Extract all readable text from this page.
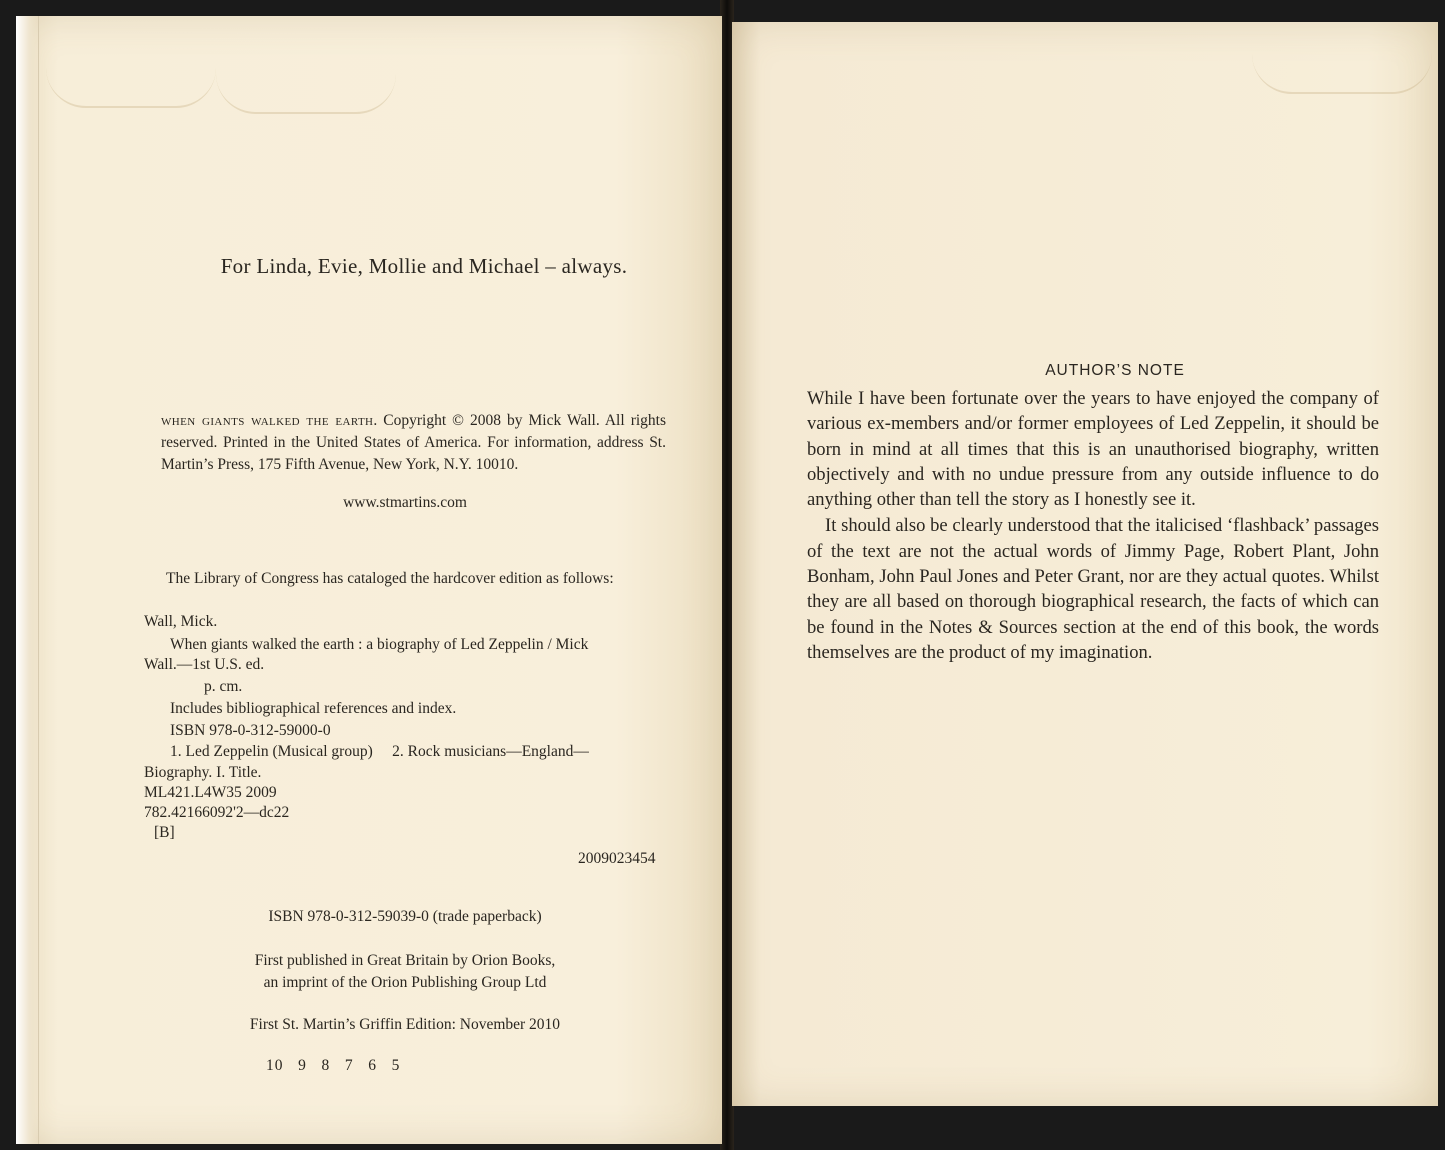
For Linda, Evie, Mollie and Michael – always.

when giants walked the earth. Copyright © 2008 by Mick Wall. All rights reserved. Printed in the United States of America. For information, address St. Martin’s Press, 175 Fifth Avenue, New York, N.Y. 10010.

www.stmartins.com

The Library of Congress has cataloged the hardcover edition as follows:

Wall, Mick.
When giants walked the earth : a biography of Led Zeppelin / Mick
Wall.—1st U.S. ed.
p. cm.
Includes bibliographical references and index.
ISBN 978-0-312-59000-0
1. Led Zeppelin (Musical group)     2. Rock musicians—England—
Biography. I. Title.
ML421.L4W35 2009
782.42166092'2—dc22
[B]
2009023454

ISBN 978-0-312-59039-0 (trade paperback)

First published in Great Britain by Orion Books,

an imprint of the Orion Publishing Group Ltd

First St. Martin’s Griffin Edition: November 2010

10   9   8   7   6   5

AUTHOR’S NOTE

While I have been fortunate over the years to have enjoyed the company of various ex-members and/or former employees of Led Zeppelin, it should be born in mind at all times that this is an unauthorised biography, written objectively and with no undue pressure from any outside influence to do anything other than tell the story as I honestly see it.

It should also be clearly understood that the italicised ‘flashback’ passages of the text are not the actual words of Jimmy Page, Robert Plant, John Bonham, John Paul Jones and Peter Grant, nor are they actual quotes. Whilst they are all based on thorough biographical research, the facts of which can be found in the Notes & Sources section at the end of this book, the words themselves are the product of my imagination.
